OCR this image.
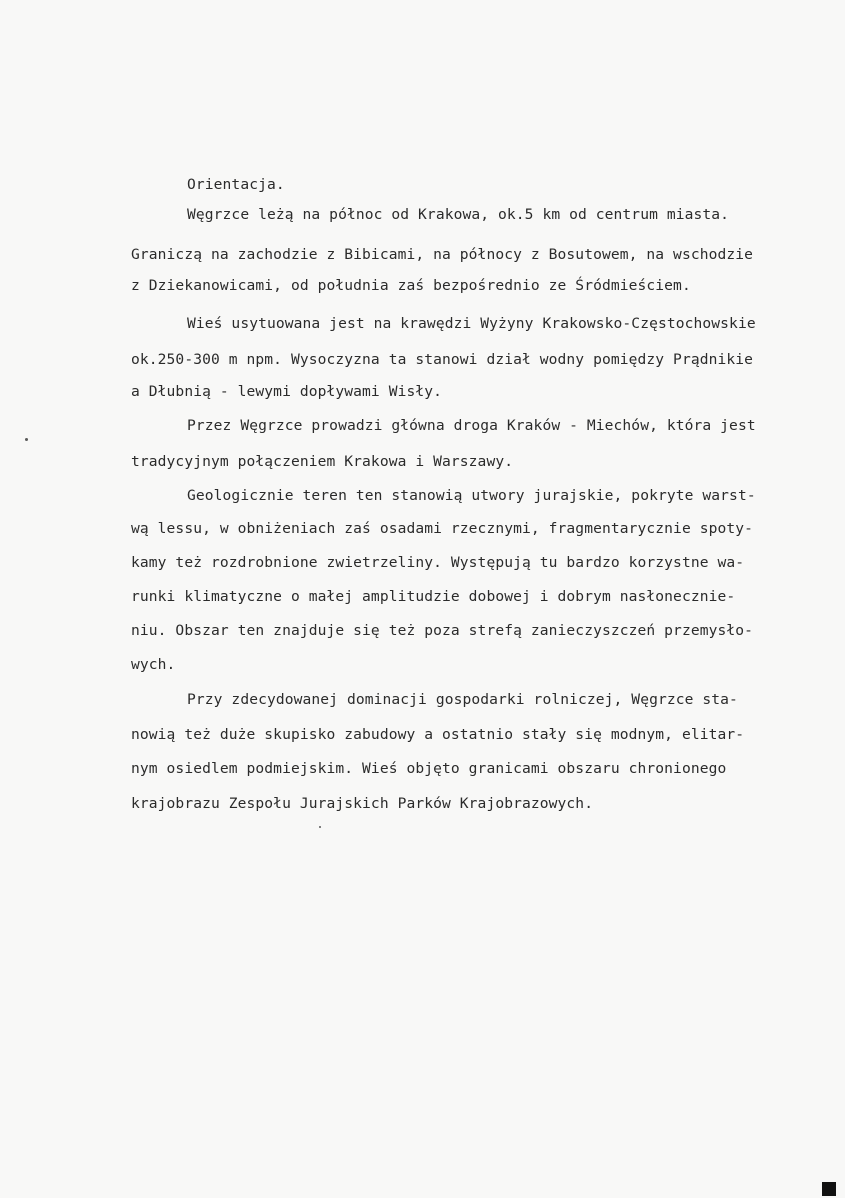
Orientacja.
Węgrzce leżą na północ od Krakowa, ok.5 km od centrum miasta.
Graniczą na zachodzie z Bibicami, na północy z Bosutowem, na wschodzie
z Dziekanowicami, od południa zaś bezpośrednio ze Śródmieściem.
Wieś usytuowana jest na krawędzi Wyżyny Krakowsko-Częstochowskie
ok.250-300 m npm. Wysoczyzna ta stanowi dział wodny pomiędzy Prądnikie
a Dłubnią - lewymi dopływami Wisły.
Przez Węgrzce prowadzi główna droga Kraków - Miechów, która jest
tradycyjnym połączeniem Krakowa i Warszawy.
Geologicznie teren ten stanowią utwory jurajskie, pokryte warst-
wą lessu, w obniżeniach zaś osadami rzecznymi, fragmentarycznie spoty-
kamy też rozdrobnione zwietrzeliny. Występują tu bardzo korzystne wa-
runki klimatyczne o małej amplitudzie dobowej i dobrym nasłonecznie-
niu. Obszar ten znajduje się też poza strefą zanieczyszczeń przemysło-
wych.
Przy zdecydowanej dominacji gospodarki rolniczej, Węgrzce sta-
nowią też duże skupisko zabudowy a ostatnio stały się modnym, elitar-
nym osiedlem podmiejskim. Wieś objęto granicami obszaru chronionego
krajobrazu Zespołu Jurajskich Parków Krajobrazowych.
